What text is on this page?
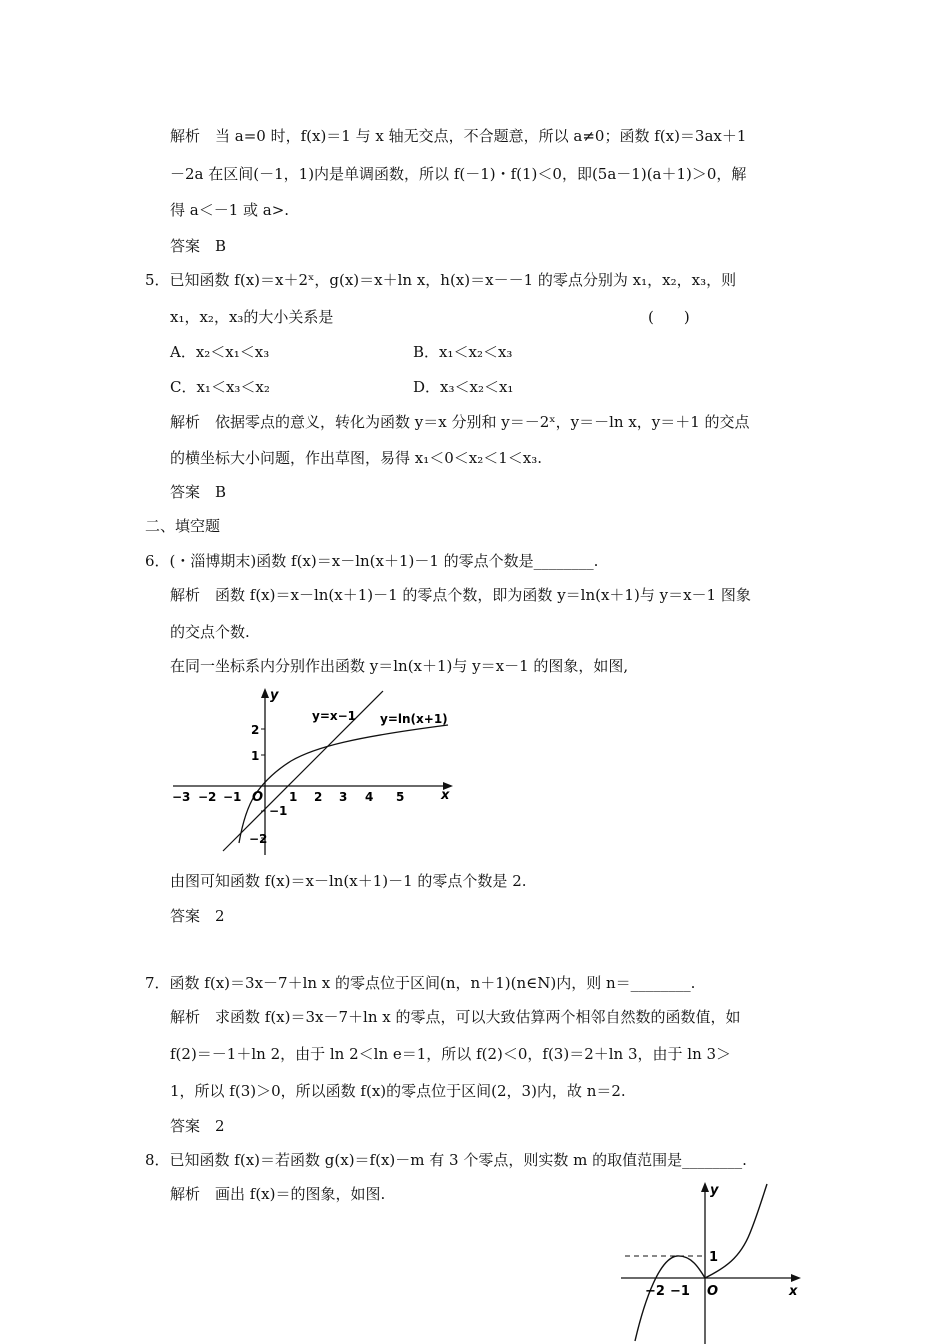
解析　当 a=0 时，f(x)＝1 与 x 轴无交点，不合题意，所以 a≠0；函数 f(x)＝3ax＋1
－2a 在区间(－1，1)内是单调函数，所以 f(－1)・f(1)＜0，即(5a－1)(a＋1)＞0，解
得 a＜－1 或 a>.
答案　B
5．已知函数 f(x)＝x＋2ˣ，g(x)＝x＋ln x，h(x)＝x－－1 的零点分别为 x₁，x₂，x₃，则
x₁，x₂，x₃的大小关系是	(　　)
A．x₂＜x₁＜x₃	B．x₁＜x₂＜x₃
C．x₁＜x₃＜x₂	D．x₃＜x₂＜x₁
解析　依据零点的意义，转化为函数 y＝x 分别和 y＝－2ˣ，y＝－ln x，y＝＋1 的交点
的横坐标大小问题，作出草图，易得 x₁＜0＜x₂＜1＜x₃.
答案　B
二、填空题
6．(・淄博期末)函数 f(x)＝x－ln(x＋1)－1 的零点个数是________.
解析　函数 f(x)＝x－ln(x＋1)－1 的零点个数，即为函数 y＝ln(x＋1)与 y＝x－1 图象
的交点个数.
在同一坐标系内分别作出函数 y＝ln(x＋1)与 y＝x－1 的图象，如图,
y
x
O
y=x−1 y=ln(x+1)
−3 −2 −1	1 2 3 4 5
2
1
−1
−2
由图可知函数 f(x)＝x－ln(x＋1)－1 的零点个数是 2.
答案　2
7．函数 f(x)＝3x－7＋ln x 的零点位于区间(n，n＋1)(n∈N)内，则 n＝________.
解析　求函数 f(x)＝3x－7＋ln x 的零点，可以大致估算两个相邻自然数的函数值，如
f(2)＝－1＋ln 2，由于 ln 2＜ln e＝1，所以 f(2)＜0，f(3)＝2＋ln 3，由于 ln 3＞
1，所以 f(3)＞0，所以函数 f(x)的零点位于区间(2，3)内，故 n＝2.
答案　2
8．已知函数 f(x)＝若函数 g(x)＝f(x)－m 有 3 个零点，则实数 m 的取值范围是________.
解析　画出 f(x)＝的图象，如图.	y
x
O
−2 −1
1
